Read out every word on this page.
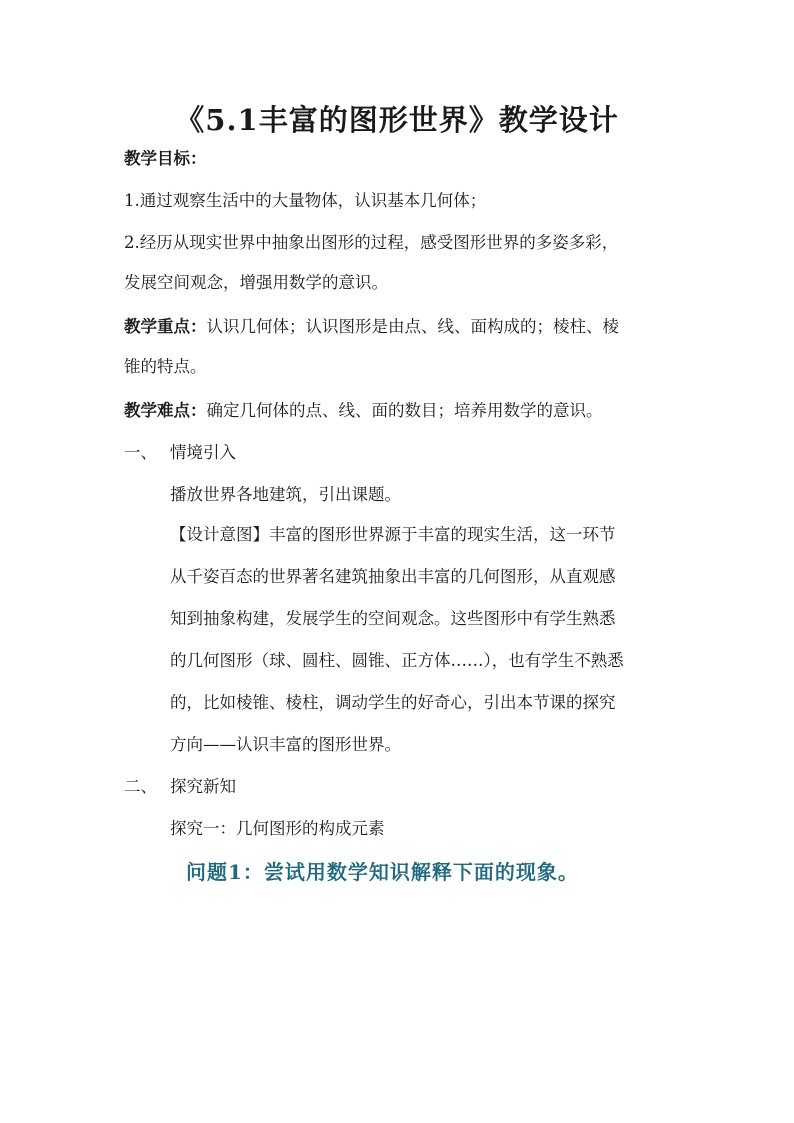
《5.1丰富的图形世界》教学设计
教学目标：
1.通过观察生活中的大量物体，认识基本几何体；
2.经历从现实世界中抽象出图形的过程，感受图形世界的多姿多彩，
发展空间观念，增强用数学的意识。
教学重点：认识几何体；认识图形是由点、线、面构成的；棱柱、棱
锥的特点。
教学难点：确定几何体的点、线、面的数目；培养用数学的意识。
一、 情境引入
播放世界各地建筑，引出课题。
【设计意图】丰富的图形世界源于丰富的现实生活，这一环节
从千姿百态的世界著名建筑抽象出丰富的几何图形，从直观感
知到抽象构建，发展学生的空间观念。这些图形中有学生熟悉
的几何图形（球、圆柱、圆锥、正方体……），也有学生不熟悉
的，比如棱锥、棱柱，调动学生的好奇心，引出本节课的探究
方向——认识丰富的图形世界。
二、 探究新知
探究一：几何图形的构成元素
问题1：尝试用数学知识解释下面的现象。
